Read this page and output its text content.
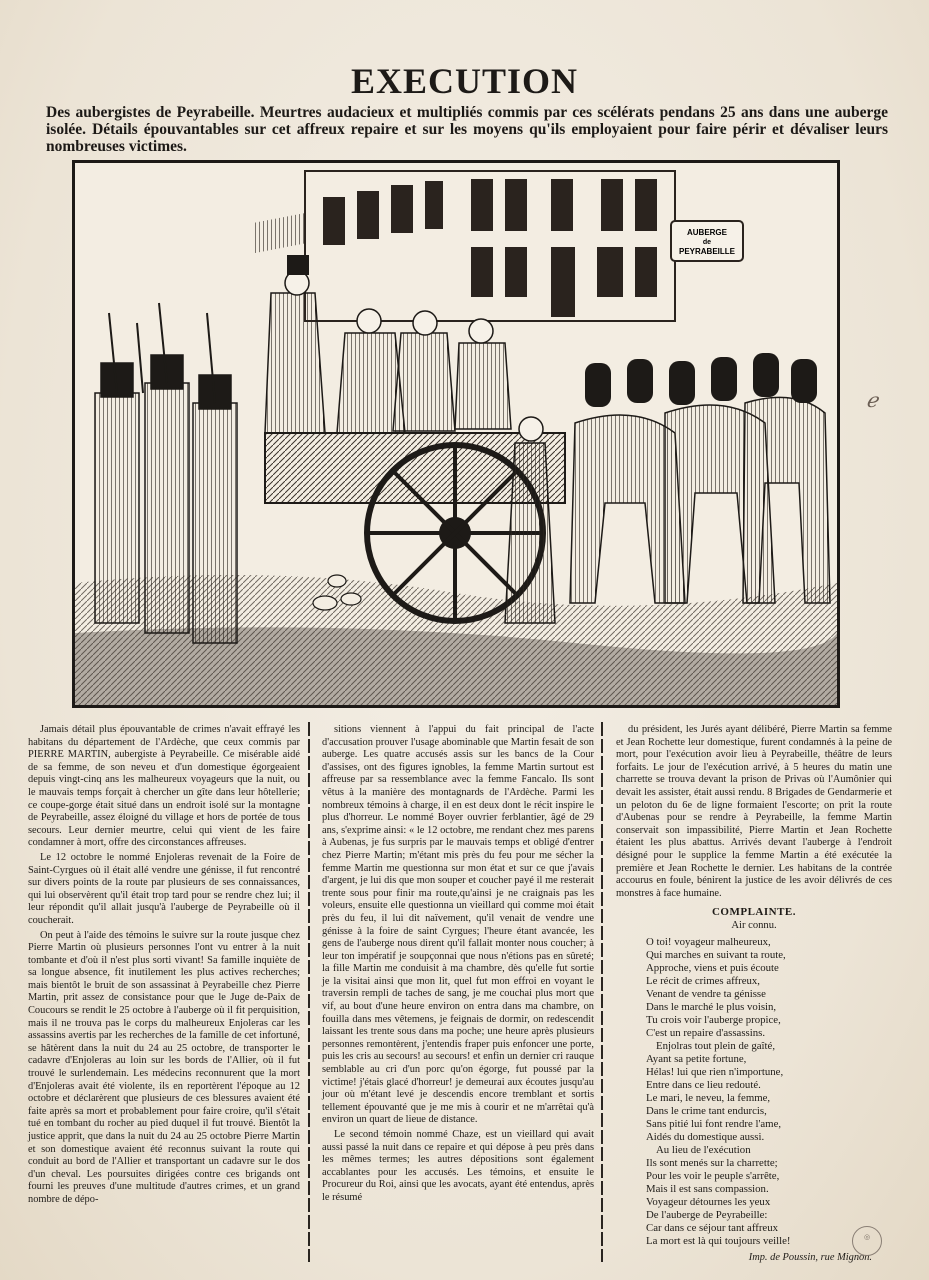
EXECUTION
Des aubergistes de Peyrabeille. Meurtres audacieux et multipliés commis par ces scélérats pendans 25 ans dans une auberge isolée. Détails épouvantables sur cet affreux repaire et sur les moyens qu'ils employaient pour faire périr et dévaliser leurs nombreuses victimes.
AUBERGE
de
PEYRABEILLE

Jamais détail plus épouvantable de crimes n'avait effrayé les habitans du département de l'Ardèche, que ceux commis par PIERRE MARTIN, aubergiste à Peyrabeille. Ce misérable aidé de sa femme, de son neveu et d'un domestique égorgeaient depuis vingt-cinq ans les malheureux voyageurs que la nuit, ou le mauvais temps forçait à chercher un gîte dans leur hôtellerie; ce coupe-gorge était situé dans un endroit isolé sur la montagne de Peyrabeille, assez éloigné du village et hors de portée de tous secours. Leur dernier meurtre, celui qui vient de les faire condamner à mort, offre des circonstances affreuses.

Le 12 octobre le nommé Enjoleras revenait de la Foire de Saint-Cyrgues où il était allé vendre une génisse, il fut rencontré sur divers points de la route par plusieurs de ses connaissances, qui lui observèrent qu'il était trop tard pour se rendre chez lui; il leur répondit qu'il allait jusqu'à l'auberge de Peyrabeille où il coucherait.

On peut à l'aide des témoins le suivre sur la route jusque chez Pierre Martin où plusieurs personnes l'ont vu entrer à la nuit tombante et d'où il n'est plus sorti vivant! Sa famille inquiète de sa longue absence, fit inutilement les plus actives recherches; mais bientôt le bruit de son assassinat à Peyrabeille chez Pierre Martin, prit assez de consistance pour que le Juge de-Paix de Coucours se rendit le 25 octobre à l'auberge où il fit perquisition, mais il ne trouva pas le corps du malheureux Enjoleras car les assassins avertis par les recherches de la famille de cet infortuné, se hâtèrent dans la nuit du 24 au 25 octobre, de transporter le cadavre d'Enjoleras au loin sur les bords de l'Allier, où il fut trouvé le surlendemain. Les médecins reconnurent que la mort d'Enjoleras avait été violente, ils en reportèrent l'époque au 12 octobre et déclarèrent que plusieurs de ces blessures avaient été faite après sa mort et probablement pour faire croire, qu'il s'était tué en tombant du rocher au pied duquel il fut trouvé. Bientôt la justice apprit, que dans la nuit du 24 au 25 octobre Pierre Martin et son domestique avaient été reconnus suivant la route qui conduit au bord de l'Allier et transportant un cadavre sur le dos d'un cheval. Les poursuites dirigées contre ces brigands ont fourni les preuves d'une multitude d'autres crimes, et un grand nombre de dépo-

sitions viennent à l'appui du fait principal de l'acte d'accusation prouver l'usage abominable que Martin fesait de son auberge. Les quatre accusés assis sur les bancs de la Cour d'assises, ont des figures ignobles, la femme Martin surtout est affreuse par sa ressemblance avec la femme Fancalo. Ils sont vêtus à la manière des montagnards de l'Ardèche. Parmi les nombreux témoins à charge, il en est deux dont le récit inspire le plus d'horreur. Le nommé Boyer ouvrier ferblantier, âgé de 29 ans, s'exprime ainsi: « le 12 octobre, me rendant chez mes parens à Aubenas, je fus surpris par le mauvais temps et obligé d'entrer chez Pierre Martin; m'étant mis près du feu pour me sécher la femme Martin me questionna sur mon état et sur ce que j'avais d'argent, je lui dis que mon souper et coucher payé il me resterait trente sous pour finir ma route,qu'ainsi je ne craignais pas les voleurs, ensuite elle questionna un vieillard qui comme moi était près du feu, il lui dit naïvement, qu'il venait de vendre une génisse à la foire de saint Cyrgues; l'heure étant avancée, les gens de l'auberge nous dirent qu'il fallait monter nous coucher; à leur ton impératif je soupçonnai que nous n'étions pas en sûreté; la fille Martin me conduisit à ma chambre, dès qu'elle fut sortie je la visitai ainsi que mon lit, quel fut mon effroi en voyant le traversin rempli de taches de sang, je me couchai plus mort que vif, au bout d'une heure environ on entra dans ma chambre, on fouilla dans mes vêtemens, je feignais de dormir, on redescendit laissant les trente sous dans ma poche; une heure après plusieurs personnes remontèrent, j'entendis fraper puis enfoncer une porte, puis les cris au secours! au secours! et enfin un dernier cri rauque semblable au cri d'un porc qu'on égorge, fut poussé par la victime! j'étais glacé d'horreur! je demeurai aux écoutes jusqu'au jour où m'étant levé je descendis encore tremblant et sortis tellement épouvanté que je me mis à courir et ne m'arrêtai qu'à environ un quart de lieue de distance.

Le second témoin nommé Chaze, est un vieillard qui avait aussi passé la nuit dans ce repaire et qui dépose à peu près dans les mêmes termes; les autres dépositions sont également accablantes pour les accusés. Les témoins, et ensuite le Procureur du Roi, ainsi que les avocats, ayant été entendus, après le résumé

du président, les Jurés ayant délibéré, Pierre Martin sa femme et Jean Rochette leur domestique, furent condamnés à la peine de mort, pour l'exécution avoir lieu à Peyrabeille, théâtre de leurs forfaits. Le jour de l'exécution arrivé, à 5 heures du matin une charrette se trouva devant la prison de Privas où l'Aumônier qui devait les assister, était aussi rendu. 8 Brigades de Gendarmerie et un peloton du 6e de ligne formaient l'escorte; on prit la route d'Aubenas pour se rendre à Peyrabeille, la femme Martin conservait son impassibilité, Pierre Martin et Jean Rochette étaient les plus abattus. Arrivés devant l'auberge à l'endroit désigné pour le supplice la femme Martin a été exécutée la première et Jean Rochette le dernier. Les habitans de la contrée accourus en foule, bénirent la justice de les avoir délivrés de ces monstres à face humaine.

COMPLAINTE.
Air connu.
O toi! voyageur malheureux,
Qui marches en suivant ta route,
Approche, viens et puis écoute
Le récit de crimes affreux,
Venant de vendre ta génisse
Dans le marché le plus voisin,
Tu crois voir l'auberge propice,
C'est un repaire d'assassins.
Enjolras tout plein de gaîté,
Ayant sa petite fortune,
Hélas! lui que rien n'importune,
Entre dans ce lieu redouté.
Le mari, le neveu, la femme,
Dans le crime tant endurcis,
Sans pitié lui font rendre l'ame,
Aidés du domestique aussi.
Au lieu de l'exécution
Ils sont menés sur la charrette;
Pour les voir le peuple s'arrête,
Mais il est sans compassion.
Voyageur détournes les yeux
De l'auberge de Peyrabeille:
Car dans ce séjour tant affreux
La mort est là qui toujours veille!
Imp. de Poussin, rue Mignon.
ℯ
◎
